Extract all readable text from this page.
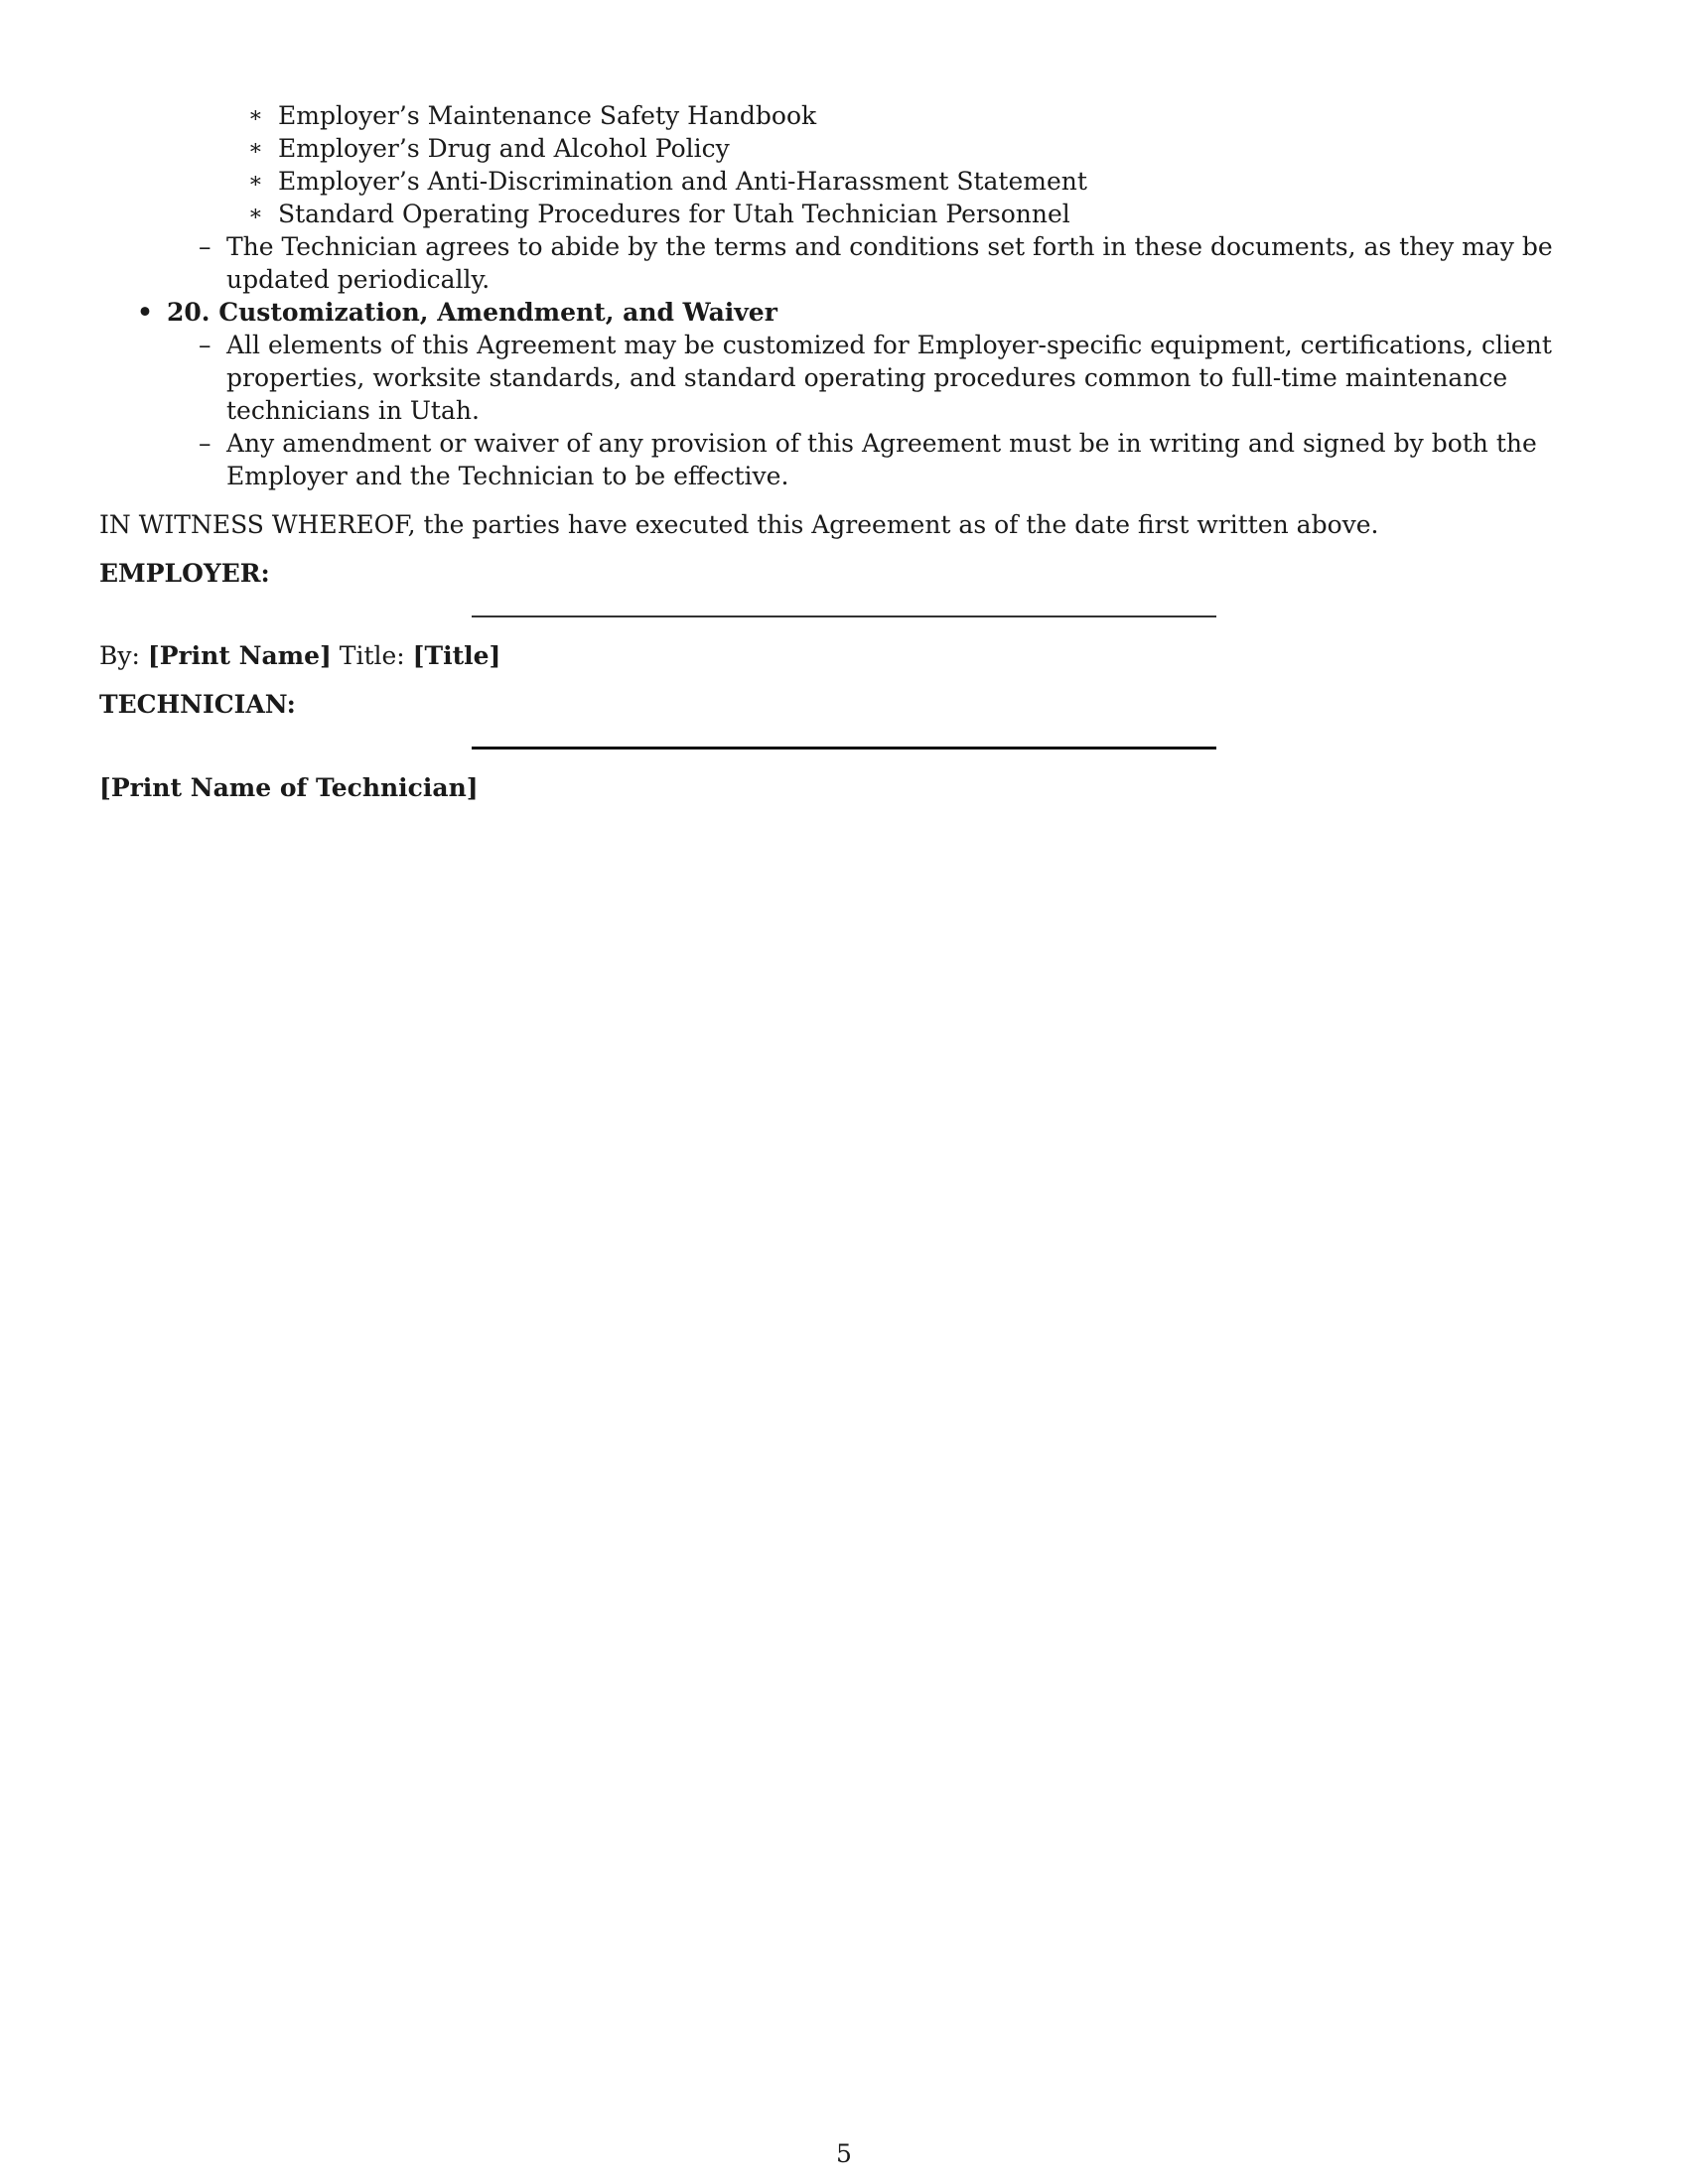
∗ Employer’s Maintenance Safety Handbook
∗ Employer’s Drug and Alcohol Policy
∗ Employer’s Anti-Discrimination and Anti-Harassment Statement
∗ Standard Operating Procedures for Utah Technician Personnel
– The Technician agrees to abide by the terms and conditions set forth in these documents, as they may be updated periodically.
• 20. Customization, Amendment, and Waiver
– All elements of this Agreement may be customized for Employer-specific equipment, certifications, client properties, worksite standards, and standard operating procedures common to full-time maintenance technicians in Utah.
– Any amendment or waiver of any provision of this Agreement must be in writing and signed by both the Employer and the Technician to be effective.
IN WITNESS WHEREOF, the parties have executed this Agreement as of the date first written above.
EMPLOYER:
By: [Print Name] Title: [Title]
TECHNICIAN:
[Print Name of Technician]
5
